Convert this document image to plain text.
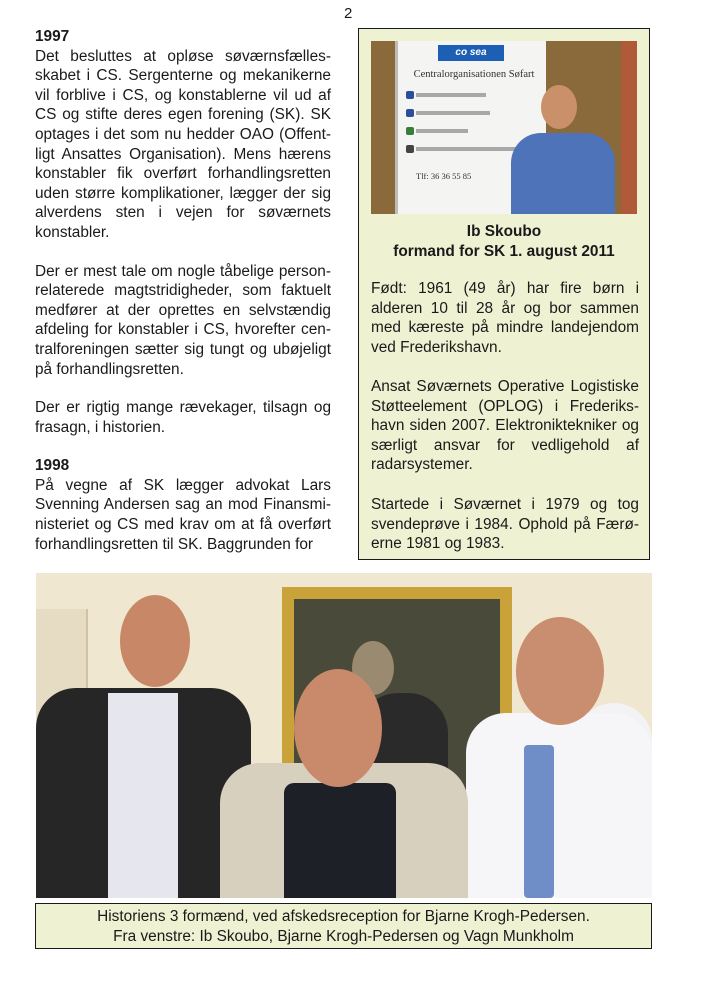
2
1997

Det besluttes at opløse søværnsfælles-skabet i CS. Sergenterne og mekanikerne vil forblive i CS, og konstablerne vil ud af CS og stifte deres egen forening (SK). SK optages i det som nu hedder OAO (Offent-ligt Ansattes Organisation). Mens hærens konstabler fik overført forhandlingsretten uden større komplikationer, lægger der sig alverdens sten i vejen for søværnets konstabler.

Der er mest tale om nogle tåbelige person-relaterede magtstridigheder, som faktuelt medfører at der oprettes en selvstændig afdeling for konstabler i CS, hvorefter cen-tralforeningen sætter sig tungt og ubøjeligt på forhandlingsretten.

Der er rigtig mange rævekager, tilsagn og frasagn, i historien.

1998

På vegne af SK lægger advokat Lars Svenning Andersen sag an mod Finansmi-nisteriet og CS med krav om at få overført forhandlingsretten til SK. Baggrunden for

co sea
Centralorganisationen Søfart
Tlf: 36 36 55 85
Ib Skoubo
formand for SK 1. august 2011

Født: 1961 (49 år) har fire børn i alderen 10 til 28 år og bor sammen med kæreste på mindre landejendom ved Frederikshavn.

Ansat Søværnets Operative Logistiske Støtteelement (OPLOG) i Frederiks-havn siden 2007. Elektroniktekniker og særligt ansvar for vedligehold af radarsystemer.

Startede i Søværnet i 1979 og tog svendeprøve i 1984. Ophold på Færø-erne 1981 og 1983.

Historiens 3 formænd, ved afskedsreception for Bjarne Krogh-Pedersen.
Fra venstre: Ib Skoubo, Bjarne Krogh-Pedersen og Vagn Munkholm
